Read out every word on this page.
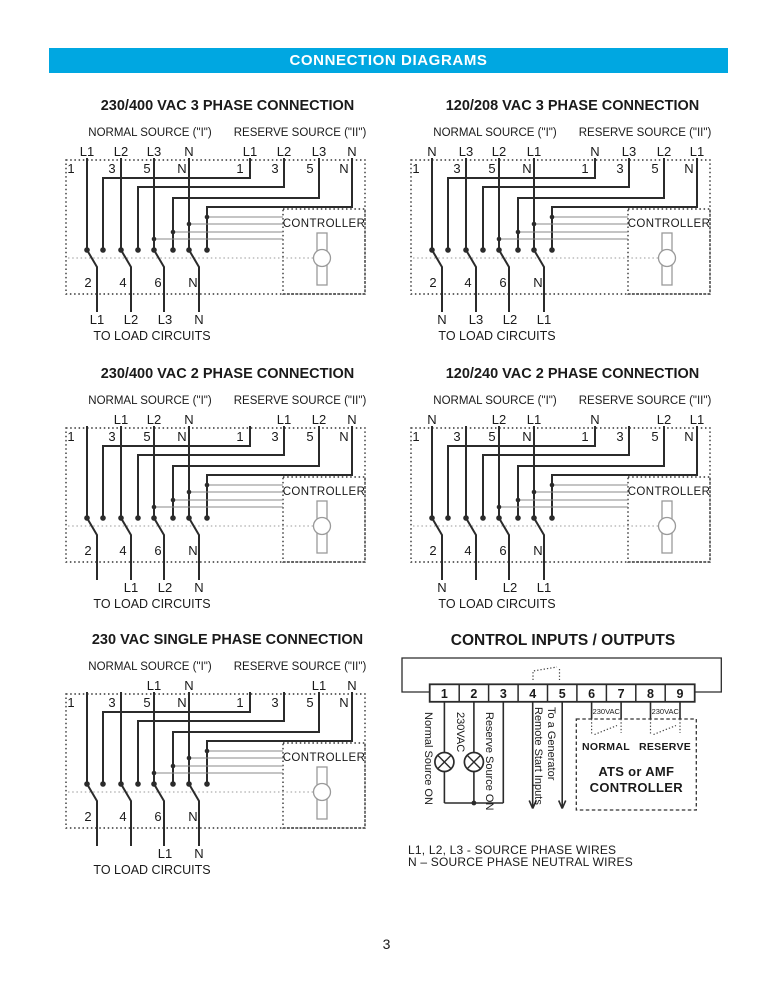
CONNECTION DIAGRAMS
230/400 VAC 3 PHASE CONNECTION
NORMAL SOURCE ("I") RESERVE SOURCE ("II")
L1 L2 L3 N	L1 L2 L3 N
1	3 5 N	1 3 5 N
2 4 6 N
L1 L2 L3 N
CONTROLLER
TO LOAD CIRCUITS
120/208 VAC 3 PHASE CONNECTION
NORMAL SOURCE ("I") RESERVE SOURCE ("II")
N L3 L2 L1	N L3 L2 L1
1	3 5 N	1 3 5 N
2 4 6 N
N L3 L2 L1
CONTROLLER
TO LOAD CIRCUITS
230/400 VAC 2 PHASE CONNECTION
NORMAL SOURCE ("I") RESERVE SOURCE ("II")
L1 L2 N	L1 L2 N
1	3 5 N	1 3 5 N
2 4 6 N
L1 L2 N
CONTROLLER
TO LOAD CIRCUITS
120/240 VAC 2 PHASE CONNECTION
NORMAL SOURCE ("I") RESERVE SOURCE ("II")
N	L2 L1	N	L2 L1
1	3 5 N	1 3 5 N
2 4 6 N
N	L2 L1
CONTROLLER
TO LOAD CIRCUITS
230 VAC SINGLE PHASE CONNECTION
NORMAL SOURCE ("I") RESERVE SOURCE ("II")
L1 N	L1 N
1	3 5 N	1 3 5 N
2 4 6 N
L1 N
CONTROLLER
TO LOAD CIRCUITS
CONTROL INPUTS / OUTPUTS
1 2 3 4 5 6 7 8 9
230VAC	230VAC
NORMAL RESERVE
ATS or AMF
CONTROLLER
Normal Source ON 230VAC Reserve Source ON	To a Generator
Remote Start Inputs
L1, L2, L3 - SOURCE PHASE WIRES
N – SOURCE PHASE NEUTRAL WIRES
3
